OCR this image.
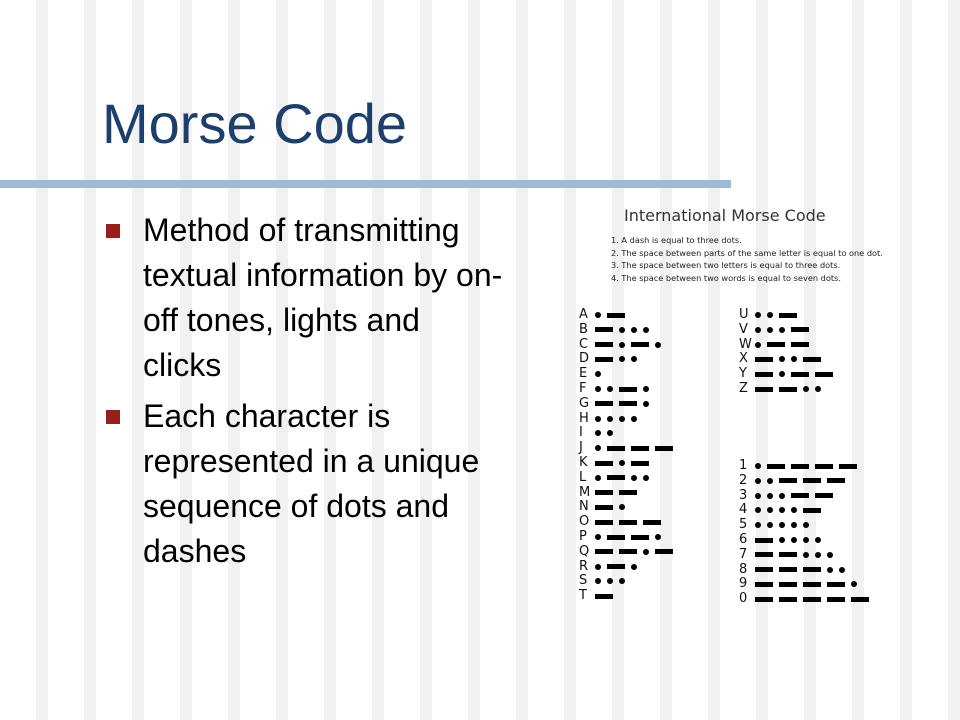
Morse Code
Method of transmitting textual information by on-off tones, lights and clicks
Each character is represented in a unique sequence of dots and dashes
International Morse Code
1. A dash is equal to three dots.
2. The space between parts of the same letter is equal to one dot.
3. The space between two letters is equal to three dots.
4. The space between two words is equal to seven dots.
A
B
C
D
E
F
G
H
I
J
K
L
M
N
O
P
Q
R
S
T
U
V
W
X
Y
Z
1
2
3
4
5
6
7
8
9
0
